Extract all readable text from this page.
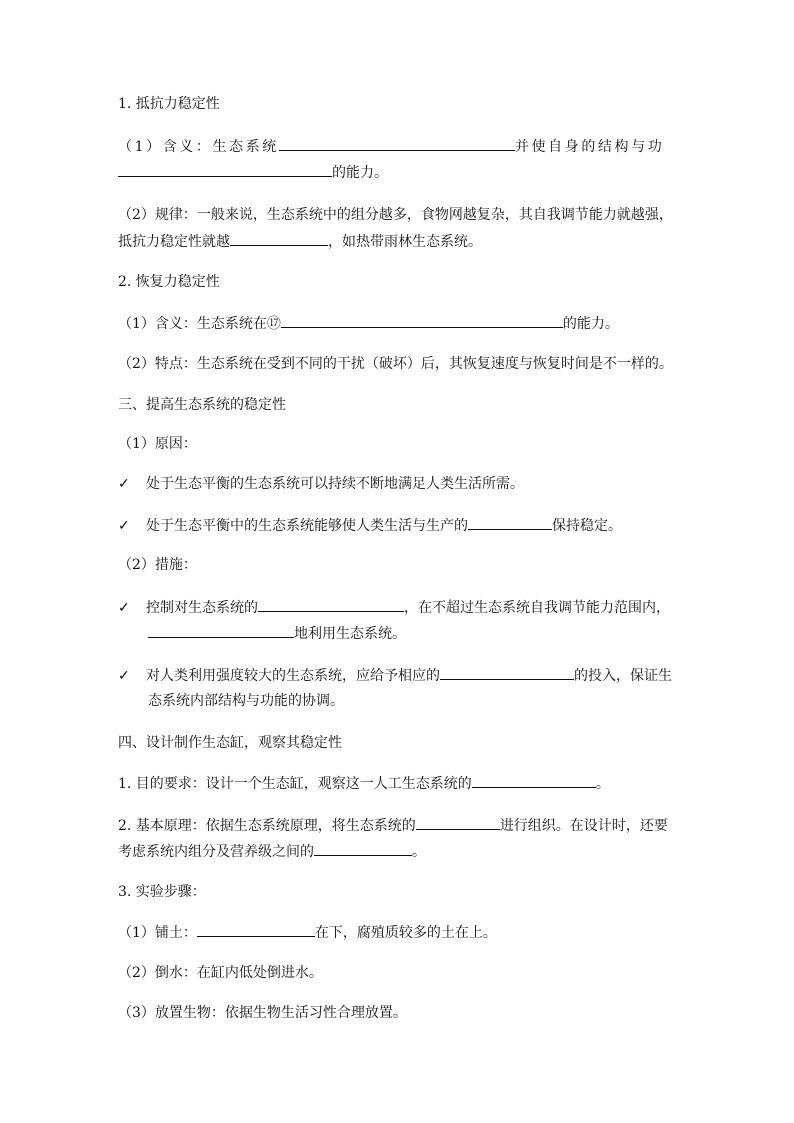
1. 抵抗力稳定性
（1）含义：生态系统	并使自身的结构与功
的能力。
（2）规律：一般来说，生态系统中的组分越多，食物网越复杂，其自我调节能力就越强，
抵抗力稳定性就越	，如热带雨林生态系统。
2. 恢复力稳定性
（1）含义：生态系统在⑰	的能力。
（2）特点：生态系统在受到不同的干扰（破坏）后，其恢复速度与恢复时间是不一样的。
三、提高生态系统的稳定性
（1）原因：
✓ 处于生态平衡的生态系统可以持续不断地满足人类生活所需。
✓ 处于生态平衡中的生态系统能够使人类生活与生产的	保持稳定。
（2）措施：
✓ 控制对生态系统的	，在不超过生态系统自我调节能力范围内，
地利用生态系统。
✓ 对人类利用强度较大的生态系统，应给予相应的	的投入，保证生
态系统内部结构与功能的协调。
四、设计制作生态缸，观察其稳定性
1. 目的要求：设计一个生态缸，观察这一人工生态系统的	。
2. 基本原理：依据生态系统原理，将生态系统的	进行组织。在设计时，还要
考虑系统内组分及营养级之间的	。
3. 实验步骤：
（1）铺土：	在下，腐殖质较多的土在上。
（2）倒水：在缸内低处倒进水。
（3）放置生物：依据生物生活习性合理放置。
